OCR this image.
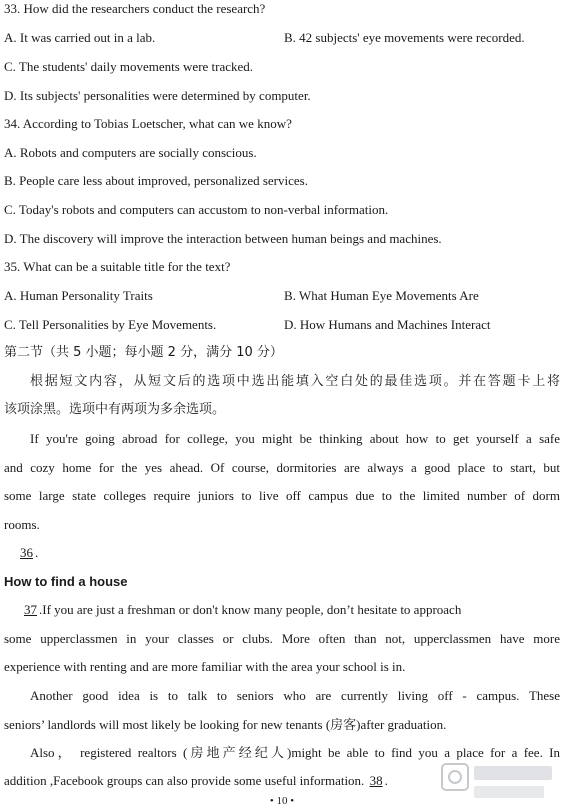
33. How did the researchers conduct the research?
A. It was carried out in a lab.	B. 42 subjects' eye movements were recorded.
C. The students' daily movements were tracked.
D. Its subjects' personalities were determined by computer.
34. According to Tobias Loetscher, what can we know?
A. Robots and computers are socially conscious.
B. People care less about improved, personalized services.
C. Today's robots and computers can accustom to non-verbal information.
D. The discovery will improve the interaction between human beings and machines.
35. What can be a suitable title for the text?
A. Human Personality Traits	B. What Human Eye Movements Are
C. Tell Personalities by Eye Movements.	D. How Humans and Machines Interact
第二节（共 5 小题；每小题 2 分，满分 10 分）
根据短文内容，从短文后的选项中选出能填入空白处的最佳选项。并在答题卡上将
该项涂黑。选项中有两项为多余选项。
If you're going abroad for college, you might be thinking about how to get yourself a safe
and cozy home for the yes ahead. Of course, dormitories are always a good place to start, but
some large state colleges require juniors to live off campus due to the limited number of dorm
rooms.
36 .
How to find a house
37 .If you are just a freshman or don't know many people, don’t hesitate to approach
some upperclassmen in your classes or clubs. More often than not, upperclassmen have more
experience with renting and are more familiar with the area your school is in.
Another good idea is to talk to seniors who are currently living off - campus. These
seniors’ landlords will most likely be looking for new tenants (房客)after graduation.
Also， registered realtors (房地产经纪人)might be able to find you a place for a fee. In
addition ,Facebook groups can also provide some useful information. 38 .
• 10 •
